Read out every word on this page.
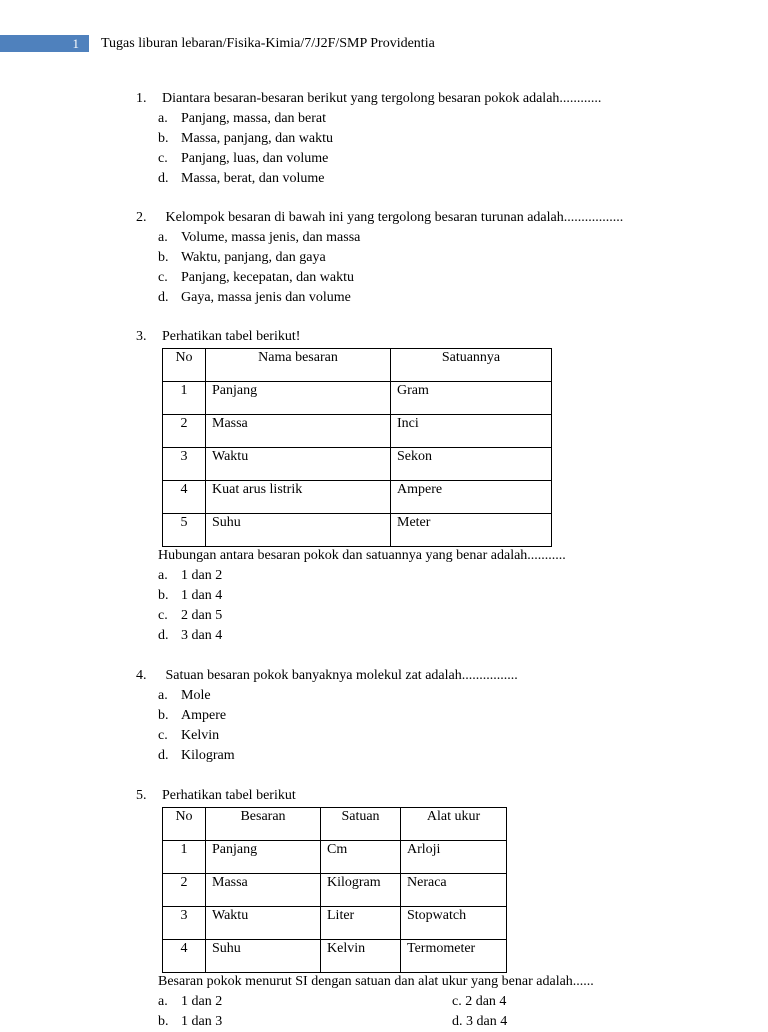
1	Tugas liburan lebaran/Fisika-Kimia/7/J2F/SMP Providentia
1. Diantara besaran-besaran berikut yang tergolong besaran pokok adalah............
a. Panjang, massa, dan berat
b. Massa, panjang, dan waktu
c. Panjang, luas, dan volume
d. Massa, berat, dan volume
2. Kelompok besaran di bawah ini yang tergolong besaran turunan adalah.................
a. Volume, massa jenis, dan massa
b. Waktu, panjang, dan gaya
c. Panjang, kecepatan, dan waktu
d. Gaya, massa jenis dan volume
3. Perhatikan tabel berikut!
No	Nama besaran	Satuannya
1	Panjang	Gram
2	Massa	Inci
3	Waktu	Sekon
4	Kuat arus listrik	Ampere
5	Suhu	Meter
Hubungan antara besaran pokok dan satuannya yang benar adalah...........
a. 1 dan 2
b. 1 dan 4
c. 2 dan 5
d. 3 dan 4
4. Satuan besaran pokok banyaknya molekul zat adalah................
a. Mole
b. Ampere
c. Kelvin
d. Kilogram
5. Perhatikan tabel berikut
No	Besaran	Satuan	Alat ukur
1	Panjang	Cm	Arloji
2	Massa	Kilogram	Neraca
3	Waktu	Liter	Stopwatch
4	Suhu	Kelvin	Termometer
Besaran pokok menurut SI dengan satuan dan alat ukur yang benar adalah......
a. 1 dan 2	c. 2 dan 4
b. 1 dan 3	d. 3 dan 4
